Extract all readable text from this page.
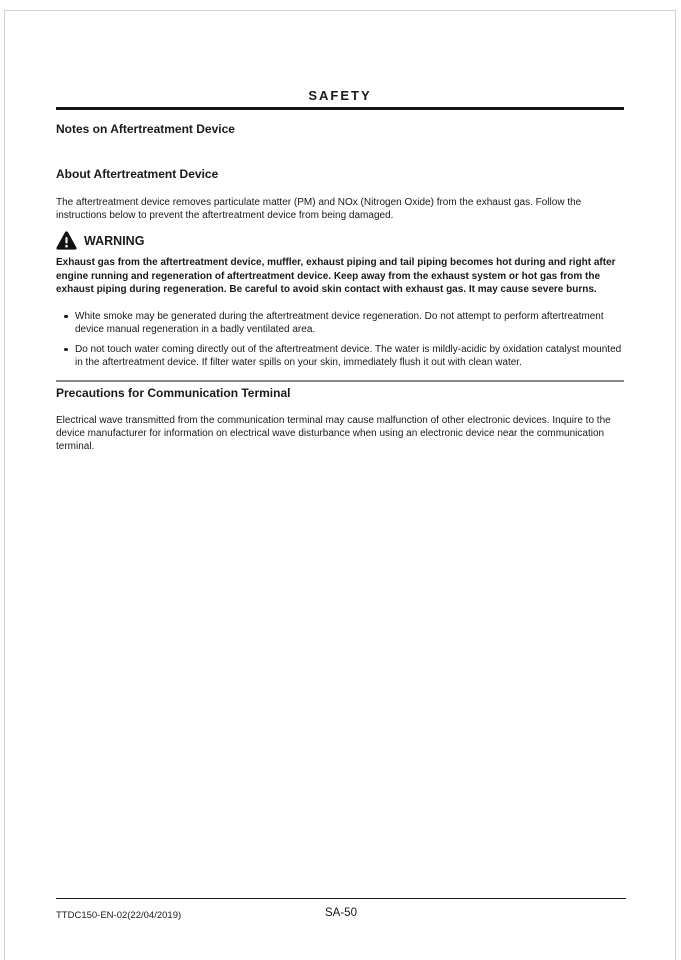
SAFETY
Notes on Aftertreatment Device
About Aftertreatment Device

The aftertreatment device removes particulate matter (PM) and NOx (Nitrogen Oxide) from the exhaust gas. Follow the instructions below to prevent the aftertreatment device from being damaged.

WARNING

Exhaust gas from the aftertreatment device, muffler, exhaust piping and tail piping becomes hot during and right after engine running and regeneration of aftertreatment device. Keep away from the exhaust system or hot gas from the exhaust piping during regeneration. Be careful to avoid skin contact with exhaust gas. It may cause severe burns.

White smoke may be generated during the aftertreatment device regeneration. Do not attempt to perform aftertreatment device manual regeneration in a badly ventilated area.
Do not touch water coming directly out of the aftertreatment device. The water is mildly-acidic by oxidation catalyst mounted in the aftertreatment device. If filter water spills on your skin, immediately flush it out with clean water.
Precautions for Communication Terminal

Electrical wave transmitted from the communication terminal may cause malfunction of other electronic devices. Inquire to the device manufacturer for information on electrical wave disturbance when using an electronic device near the communication terminal.

TTDC150-EN-02(22/04/2019)	SA-50
